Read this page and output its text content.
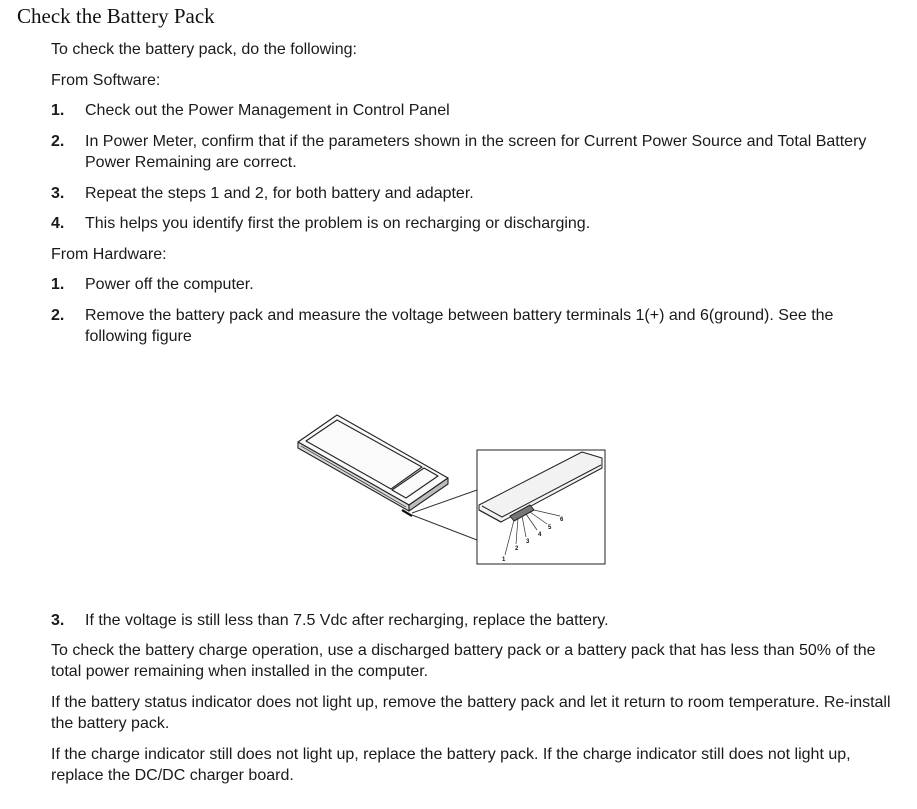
Check the Battery Pack

To check the battery pack, do the following:

From Software:

1.	Check out the Power Management in Control Panel
2.	In Power Meter, confirm that if the parameters shown in the screen for Current Power Source and Total Battery Power Remaining are correct.
3.	Repeat the steps 1 and 2, for both battery and adapter.
4.	This helps you identify first the problem is on recharging or discharging.

From Hardware:

1.	Power off the computer.
2.	Remove the battery pack and measure the voltage between battery terminals 1(+) and 6(ground). See the following figure
1
2
3
4
5
6
3.	If the voltage is still less than 7.5 Vdc after recharging, replace the battery.

To check the battery charge operation, use a discharged battery pack or a battery pack that has less than 50% of the total power remaining when installed in the computer.

If the battery status indicator does not light up, remove the battery pack and let it return to room temperature. Re-install the battery pack.

If the charge indicator still does not light up, replace the battery pack. If the charge indicator still does not light up, replace the DC/DC charger board.
